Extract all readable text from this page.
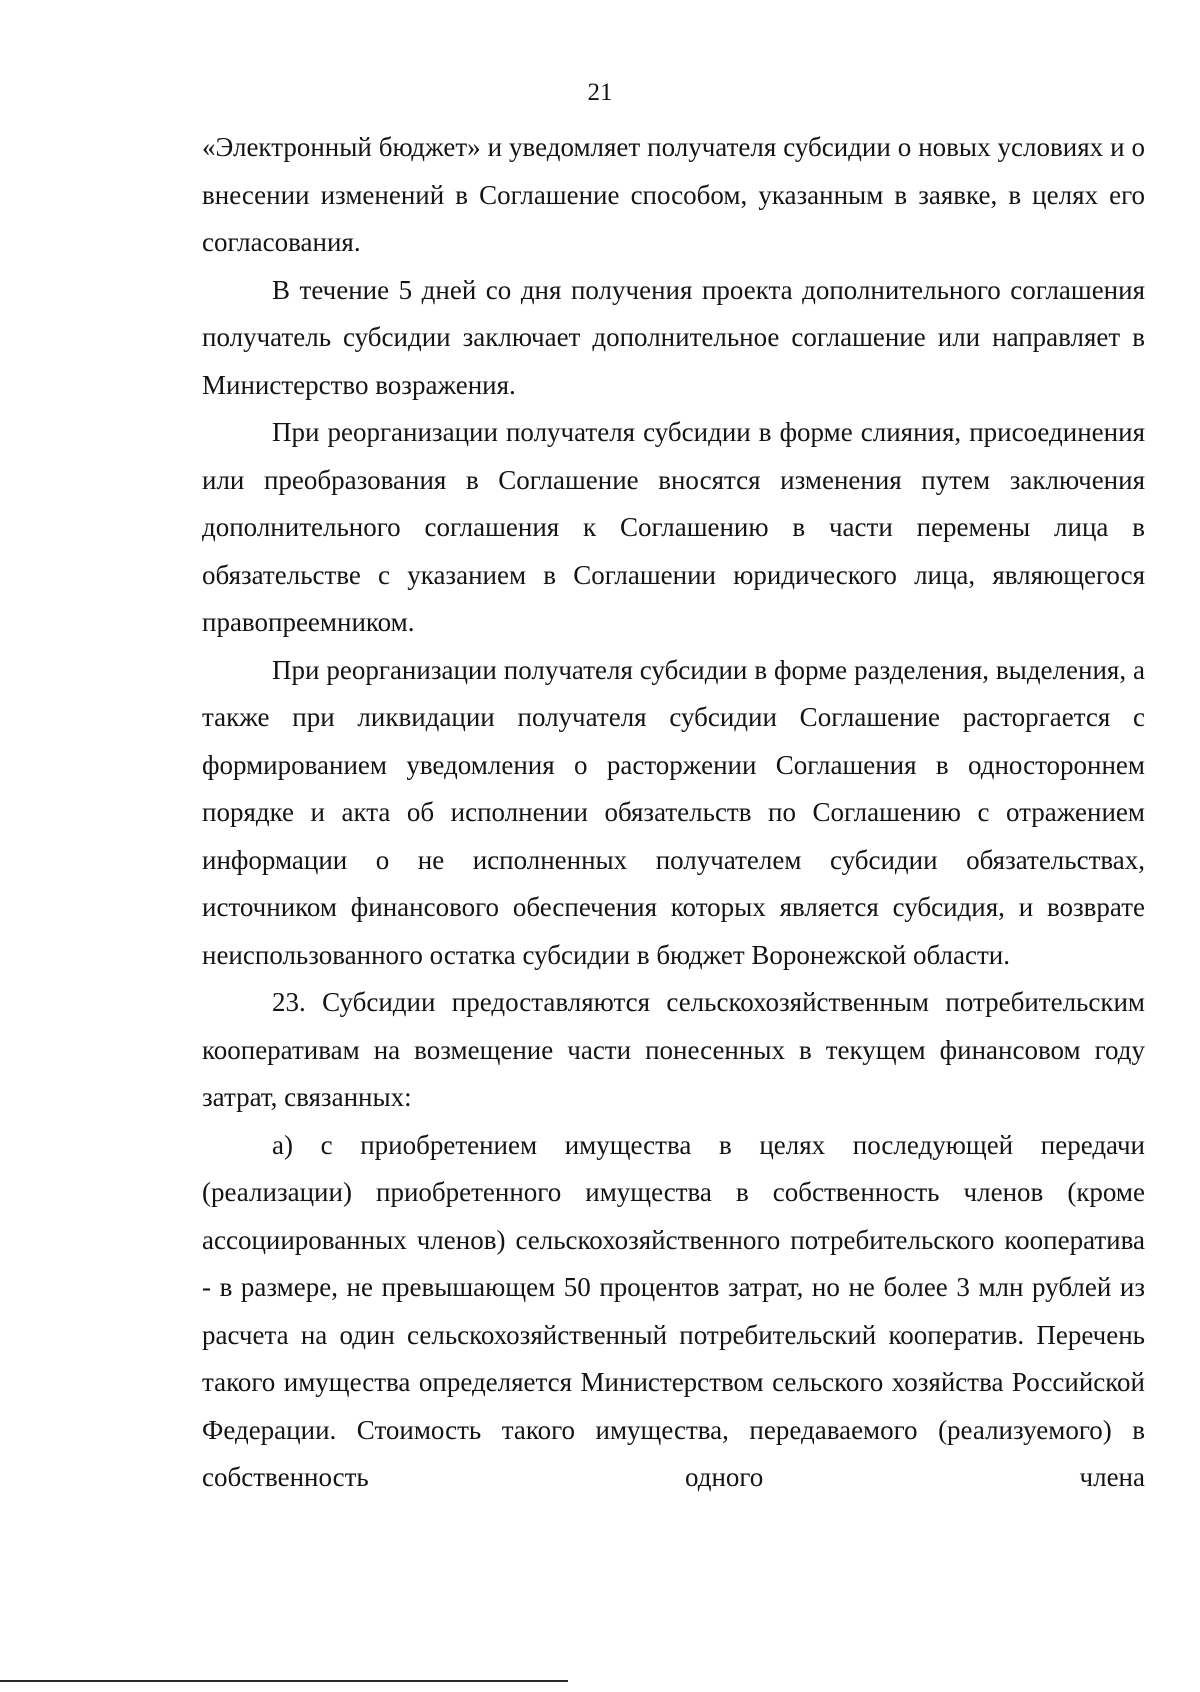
21

«Электронный бюджет» и уведомляет получателя субсидии о новых условиях и о внесении изменений в Соглашение способом, указанным в заявке, в целях его согласования.

В течение 5 дней со дня получения проекта дополнительного соглашения получатель субсидии заключает дополнительное соглашение или направляет в Министерство возражения.

При реорганизации получателя субсидии в форме слияния, присоединения или преобразования в Соглашение вносятся изменения путем заключения дополнительного соглашения к Соглашению в части перемены лица в обязательстве с указанием в Соглашении юридического лица, являющегося правопреемником.

При реорганизации получателя субсидии в форме разделения, выделения, а также при ликвидации получателя субсидии Соглашение расторгается с формированием уведомления о расторжении Соглашения в одностороннем порядке и акта об исполнении обязательств по Соглашению с отражением информации о не исполненных получателем субсидии обязательствах, источником финансового обеспечения которых является субсидия, и возврате неиспользованного остатка субсидии в бюджет Воронежской области.

23. Субсидии предоставляются сельскохозяйственным потребительским кооперативам на возмещение части понесенных в текущем финансовом году затрат, связанных:

а) с приобретением имущества в целях последующей передачи (реализации) приобретенного имущества в собственность членов (кроме ассоциированных членов) сельскохозяйственного потребительского кооператива - в размере, не превышающем 50 процентов затрат, но не более 3 млн рублей из расчета на один сельскохозяйственный потребительский кооператив. Перечень такого имущества определяется Министерством сельского хозяйства Российской Федерации. Стоимость такого имущества, передаваемого (реализуемого) в собственность одного члена
